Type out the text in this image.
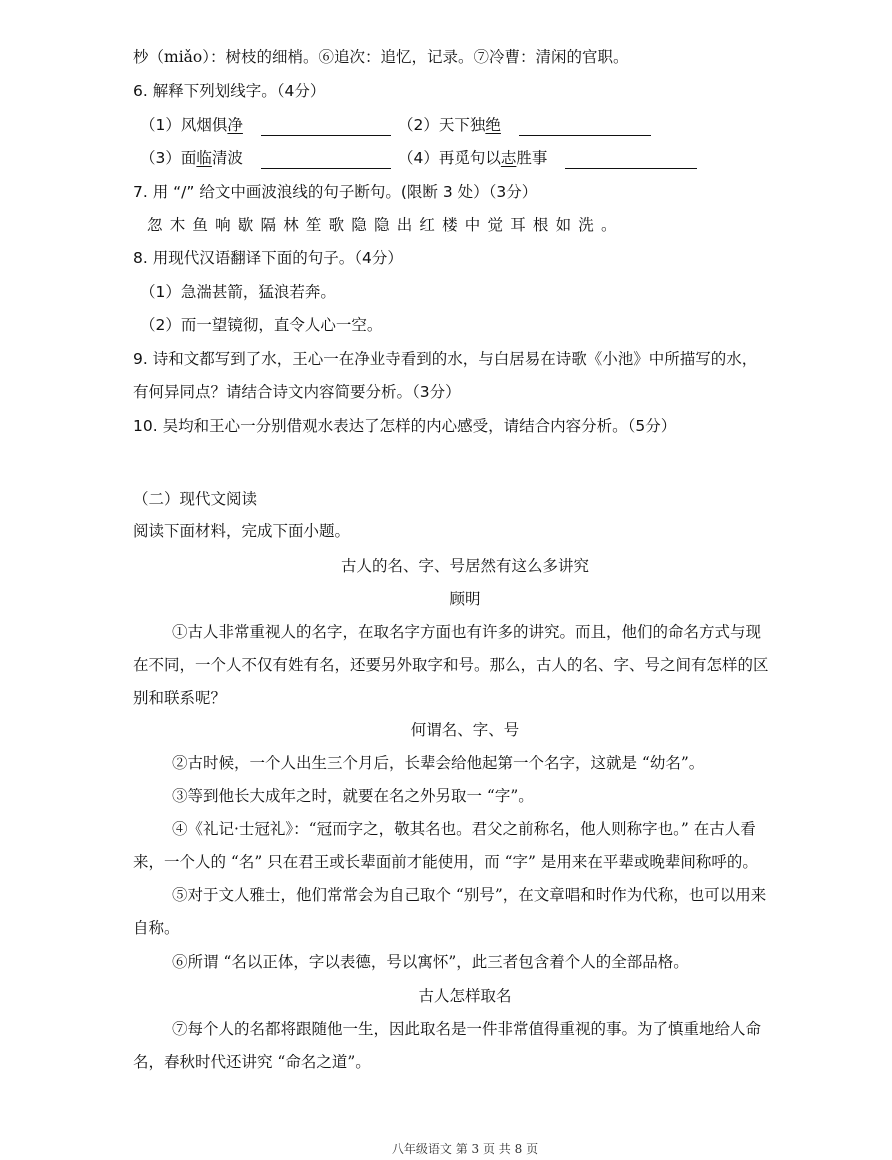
杪（miǎo）：树枝的细梢。⑥追次：追忆，记录。⑦冷曹：清闲的官职。
6. 解释下列划线字。（4分）
（1）风烟俱净	（2）天下独绝
（3）面临清波	（4）再觅句以志胜事
7. 用 “/” 给文中画波浪线的句子断句。(限断 3 处）（3分）
忽木鱼响歇隔林笙歌隐隐出红楼中觉耳根如洗。
8. 用现代汉语翻译下面的句子。（4分）
（1）急湍甚箭，猛浪若奔。
（2）而一望镜彻，直令人心一空。
9. 诗和文都写到了水，王心一在净业寺看到的水，与白居易在诗歌《小池》中所描写的水，
有何异同点？请结合诗文内容简要分析。（3分）
10. 吴均和王心一分别借观水表达了怎样的内心感受，请结合内容分析。（5分）
（二）现代文阅读
阅读下面材料，完成下面小题。
古人的名、字、号居然有这么多讲究
顾明
①古人非常重视人的名字，在取名字方面也有许多的讲究。而且，他们的命名方式与现
在不同，一个人不仅有姓有名，还要另外取字和号。那么，古人的名、字、号之间有怎样的区
别和联系呢？
何谓名、字、号
②古时候，一个人出生三个月后，长辈会给他起第一个名字，这就是 “幼名”。
③等到他长大成年之时，就要在名之外另取一 “字”。
④《礼记·士冠礼》：“冠而字之，敬其名也。君父之前称名，他人则称字也。” 在古人看
来，一个人的 “名” 只在君王或长辈面前才能使用，而 “字” 是用来在平辈或晚辈间称呼的。
⑤对于文人雅士，他们常常会为自己取个 “别号”，在文章唱和时作为代称，也可以用来
自称。
⑥所谓 “名以正体，字以表德，号以寓怀”，此三者包含着个人的全部品格。
古人怎样取名
⑦每个人的名都将跟随他一生，因此取名是一件非常值得重视的事。为了慎重地给人命
名，春秋时代还讲究 “命名之道”。
八年级语文 第 3 页 共 8 页
